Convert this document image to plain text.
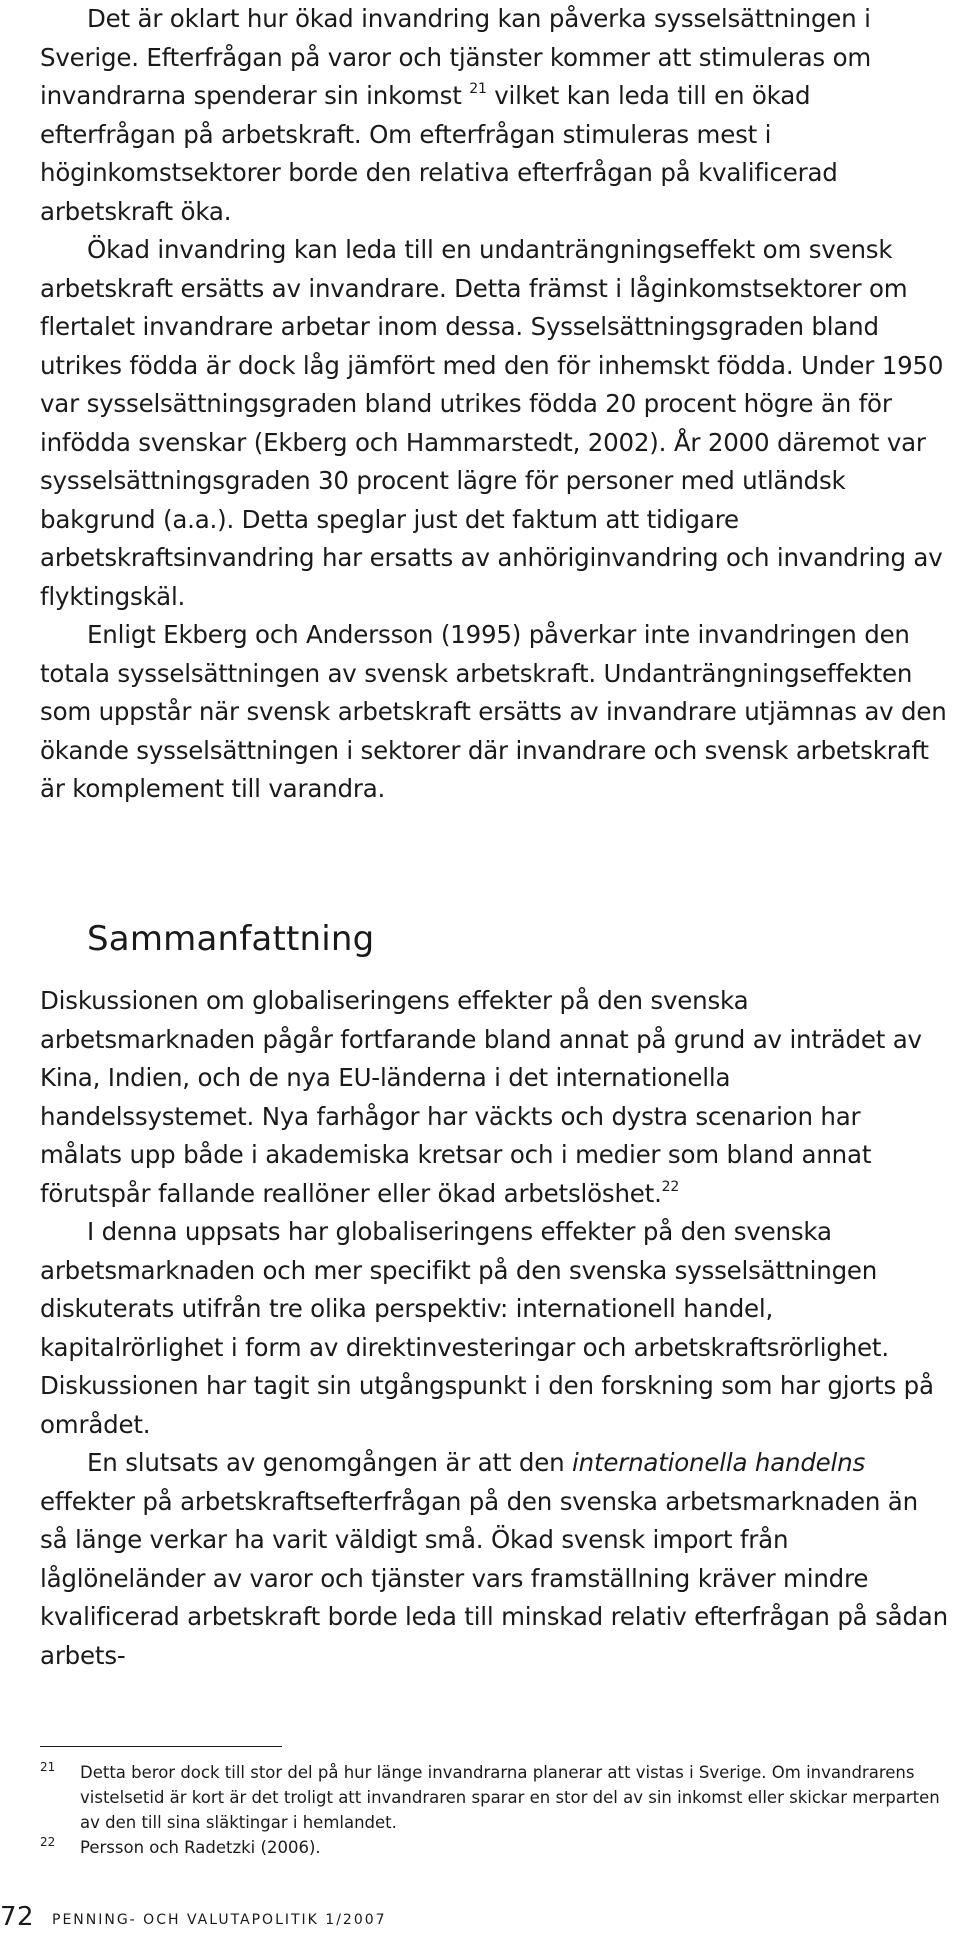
Det är oklart hur ökad invandring kan påverka sysselsättningen i Sverige. Efterfrågan på varor och tjänster kommer att stimuleras om invandrarna spenderar sin inkomst $^{21}$ vilket kan leda till en ökad efterfrågan på arbetskraft. Om efterfrågan stimuleras mest i höginkomstsektorer borde den relativa efterfrågan på kvalificerad arbetskraft öka.

Ökad invandring kan leda till en undanträngningseffekt om svensk arbetskraft ersätts av invandrare. Detta främst i låginkomstsektorer om flertalet invandrare arbetar inom dessa. Sysselsättningsgraden bland utrikes födda är dock låg jämfört med den för inhemskt födda. Under 1950 var sysselsättningsgraden bland utrikes födda 20 procent högre än för infödda svenskar (Ekberg och Hammarstedt, 2002). År 2000 däremot var sysselsättningsgraden 30 procent lägre för personer med utländsk bakgrund (a.a.). Detta speglar just det faktum att tidigare arbetskraftsinvandring har ersatts av anhöriginvandring och invandring av flyktingskäl.

Enligt Ekberg och Andersson (1995) påverkar inte invandringen den totala sysselsättningen av svensk arbetskraft. Undanträngningseffekten som uppstår när svensk arbetskraft ersätts av invandrare utjämnas av den ökande sysselsättningen i sektorer där invandrare och svensk arbetskraft är komplement till varandra.

Sammanfattning

Diskussionen om globaliseringens effekter på den svenska arbetsmarknaden pågår fortfarande bland annat på grund av inträdet av Kina, Indien, och de nya EU-länderna i det internationella handelssystemet. Nya farhågor har väckts och dystra scenarion har målats upp både i akademiska kretsar och i medier som bland annat förutspår fallande reallöner eller ökad arbetslöshet.$^{22}$

I denna uppsats har globaliseringens effekter på den svenska arbetsmarknaden och mer specifikt på den svenska sysselsättningen diskuterats utifrån tre olika perspektiv: internationell handel, kapitalrörlighet i form av direktinvesteringar och arbetskraftsrörlighet. Diskussionen har tagit sin utgångspunkt i den forskning som har gjorts på området.

En slutsats av genomgången är att den internationella handelns effekter på arbetskraftsefterfrågan på den svenska arbetsmarknaden än så länge verkar ha varit väldigt små. Ökad svensk import från låglöneländer av varor och tjänster vars framställning kräver mindre kvalificerad arbetskraft borde leda till minskad relativ efterfrågan på sådan arbets-

21 Detta beror dock till stor del på hur länge invandrarna planerar att vistas i Sverige. Om invandrarens vistelsetid är kort är det troligt att invandraren sparar en stor del av sin inkomst eller skickar merparten av den till sina släktingar i hemlandet.

22 Persson och Radetzki (2006).

72 PENNING- OCH VALUTAPOLITIK 1/2007
